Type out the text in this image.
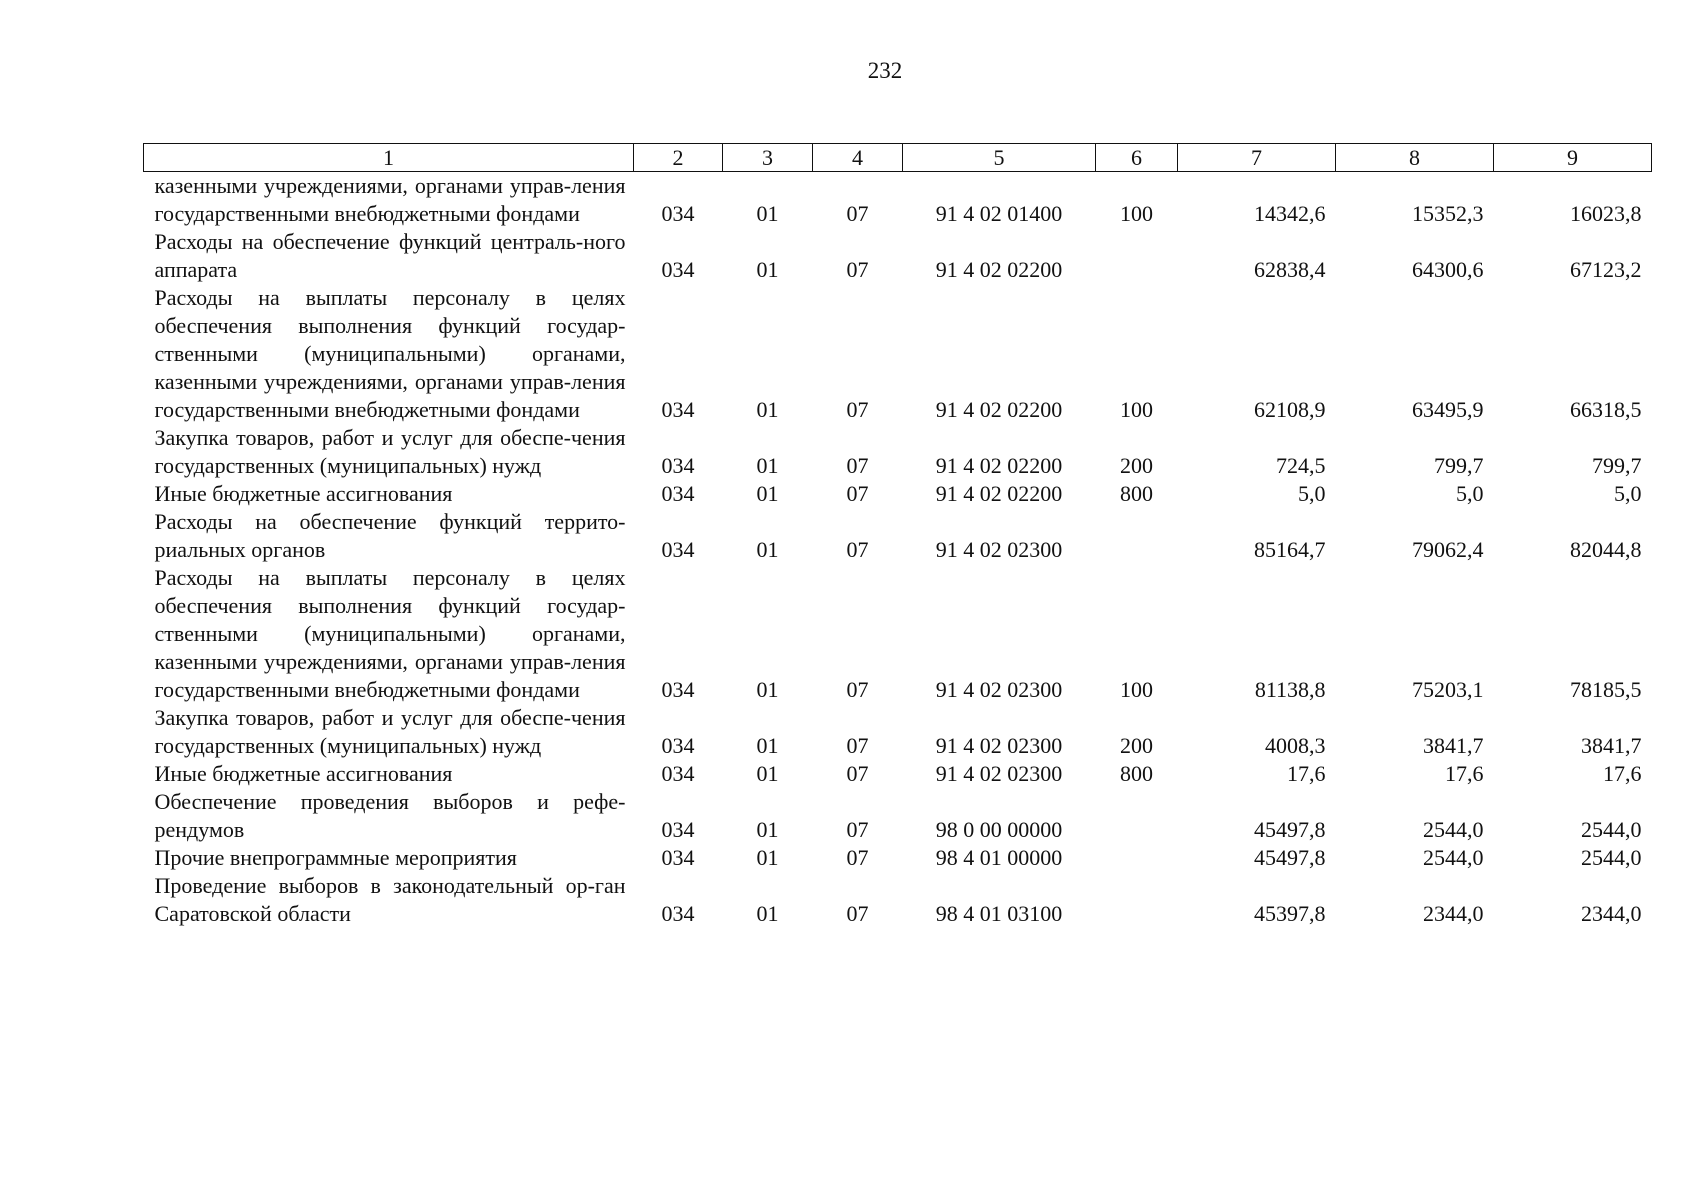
232
1	2	3	4	5	6	7	8	9
казенными учреждениями, органами управ-ления государственными внебюджетными фондами	034	01	07	91 4 02 01400	100	14342,6	15352,3	16023,8
Расходы на обеспечение функций централь-ного аппарата	034	01	07	91 4 02 02200		62838,4	64300,6	67123,2
Расходы на выплаты персоналу в целях обеспечения выполнения функций государ-ственными (муниципальными) органами, казенными учреждениями, органами управ-ления государственными внебюджетными фондами	034	01	07	91 4 02 02200	100	62108,9	63495,9	66318,5
Закупка товаров, работ и услуг для обеспе-чения государственных (муниципальных) нужд	034	01	07	91 4 02 02200	200	724,5	799,7	799,7
Иные бюджетные ассигнования	034	01	07	91 4 02 02200	800	5,0	5,0	5,0
Расходы на обеспечение функций террито-риальных органов	034	01	07	91 4 02 02300		85164,7	79062,4	82044,8
Расходы на выплаты персоналу в целях обеспечения выполнения функций государ-ственными (муниципальными) органами, казенными учреждениями, органами управ-ления государственными внебюджетными фондами	034	01	07	91 4 02 02300	100	81138,8	75203,1	78185,5
Закупка товаров, работ и услуг для обеспе-чения государственных (муниципальных) нужд	034	01	07	91 4 02 02300	200	4008,3	3841,7	3841,7
Иные бюджетные ассигнования	034	01	07	91 4 02 02300	800	17,6	17,6	17,6
Обеспечение проведения выборов и рефе-рендумов	034	01	07	98 0 00 00000		45497,8	2544,0	2544,0
Прочие внепрограммные мероприятия	034	01	07	98 4 01 00000		45497,8	2544,0	2544,0
Проведение выборов в законодательный ор-ган Саратовской области	034	01	07	98 4 01 03100		45397,8	2344,0	2344,0
